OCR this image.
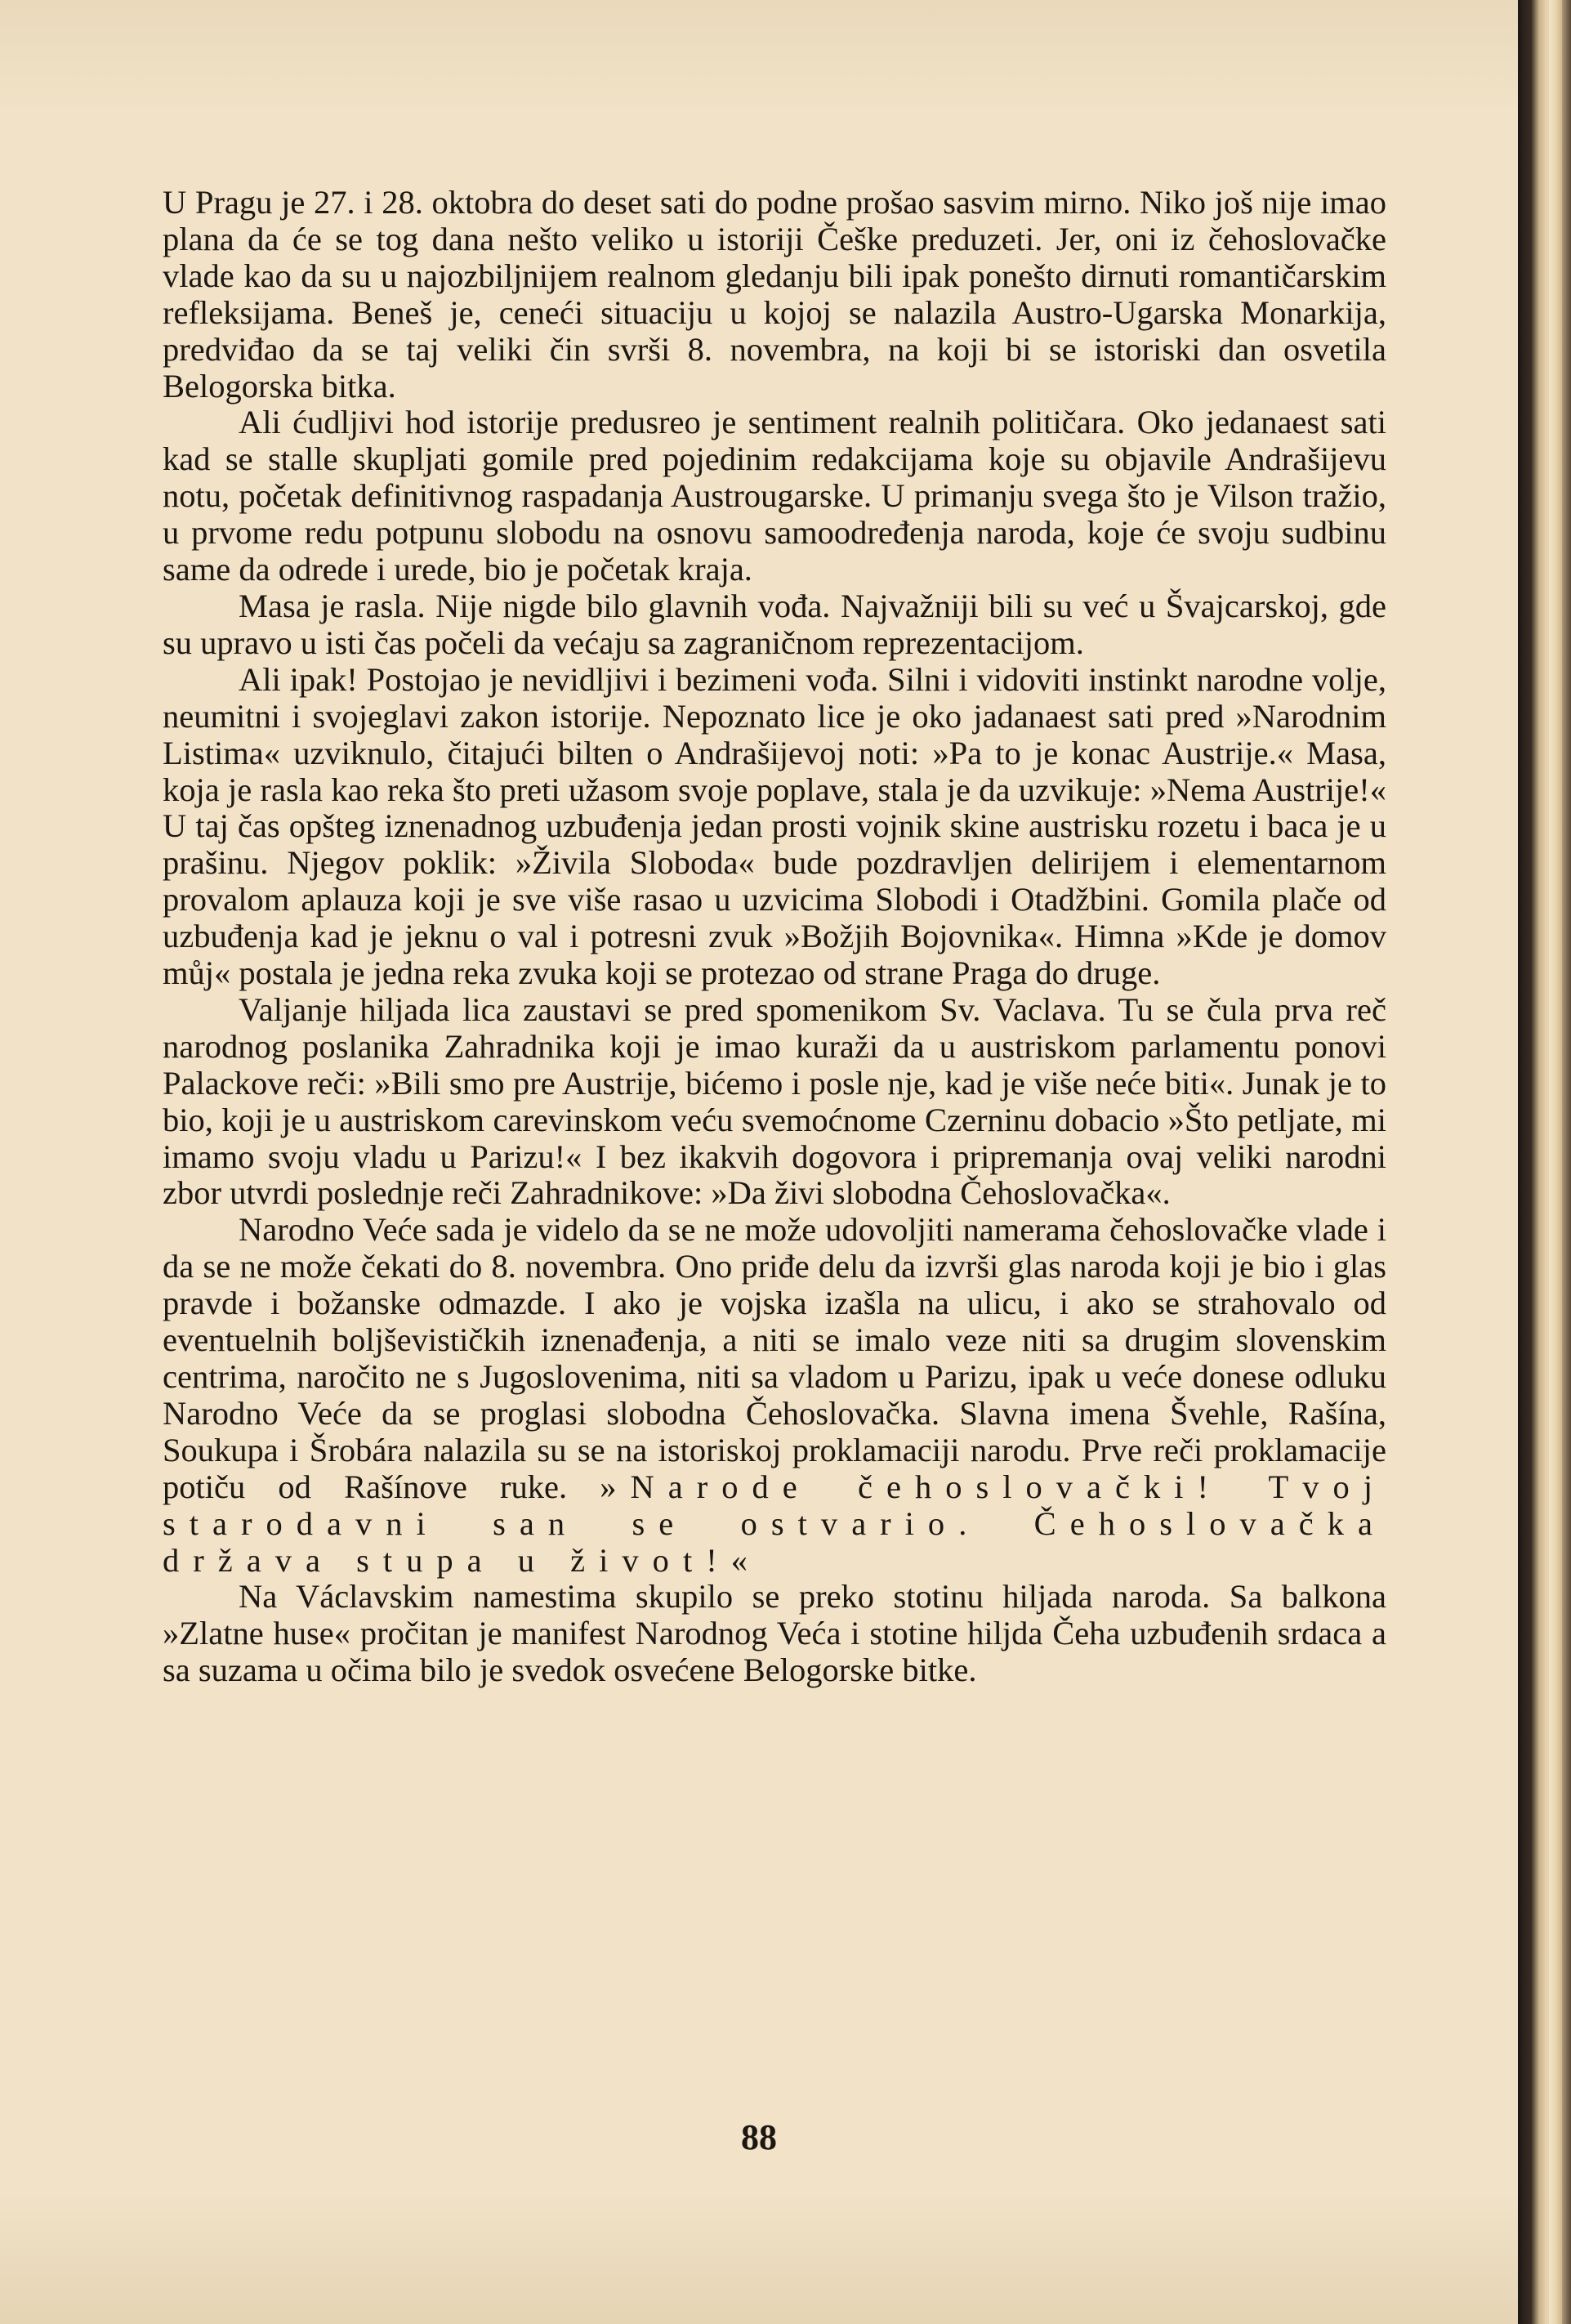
U Pragu je 27. i 28. oktobra do deset sati do podne prošao sasvim mirno. Niko još nije imao plana da će se tog dana nešto veliko u istoriji Češke preduzeti. Jer, oni iz čehoslovačke vlade kao da su u najozbiljnijem realnom gledanju bili ipak ponešto dirnuti romantičarskim refleksijama. Beneš je, ceneći situaciju u kojoj se nalazila Austro-Ugarska Monarkija, predviđao da se taj veliki čin svrši 8. novembra, na koji bi se istoriski dan osvetila Belogorska bitka.

Ali ćudljivi hod istorije predusreo je sentiment realnih političara. Oko jedanaest sati kad se stalle skupljati gomile pred pojedinim redakcijama koje su objavile Andrašijevu notu, početak definitivnog raspadanja Austrougarske. U primanju svega što je Vilson tražio, u prvome redu potpunu slobodu na osnovu samoodređenja naroda, koje će svoju sudbinu same da odrede i urede, bio je početak kraja.

Masa je rasla. Nije nigde bilo glavnih vođa. Najvažniji bili su već u Švajcarskoj, gde su upravo u isti čas počeli da većaju sa zagraničnom reprezentacijom.

Ali ipak! Postojao je nevidljivi i bezimeni vođa. Silni i vidoviti instinkt narodne volje, neumitni i svojeglavi zakon istorije. Nepoznato lice je oko jadanaest sati pred »Narodnim Listima« uzviknulo, čitajući bilten o Andrašijevoj noti: »Pa to je konac Austrije.« Masa, koja je rasla kao reka što preti užasom svoje poplave, stala je da uzvikuje: »Nema Austrije!« U taj čas opšteg iznenadnog uzbuđenja jedan prosti vojnik skine austrisku rozetu i baca je u prašinu. Njegov poklik: »Živila Sloboda« bude pozdravljen delirijem i elementarnom provalom aplauza koji je sve više rasao u uzvicima Slobodi i Otadžbini. Gomila plače od uzbuđenja kad je jeknu o val i potresni zvuk »Božjih Bojovnika«. Himna »Kde je domov můj« postala je jedna reka zvuka koji se protezao od strane Praga do druge.

Valjanje hiljada lica zaustavi se pred spomenikom Sv. Vaclava. Tu se čula prva reč narodnog poslanika Zahradnika koji je imao kuraži da u austriskom parlamentu ponovi Palackove reči: »Bili smo pre Austrije, bićemo i posle nje, kad je više neće biti«. Junak je to bio, koji je u austriskom carevinskom veću svemoćnome Czerninu dobacio »Što petljate, mi imamo svoju vladu u Parizu!« I bez ikakvih dogovora i pripremanja ovaj veliki narodni zbor utvrdi poslednje reči Zahradnikove: »Da živi slobodna Čehoslovačka«.

Narodno Veće sada je videlo da se ne može udovoljiti namerama čehoslovačke vlade i da se ne može čekati do 8. novembra. Ono priđe delu da izvrši glas naroda koji je bio i glas pravde i božanske odmazde. I ako je vojska izašla na ulicu, i ako se strahovalo od eventuelnih boljševističkih iznenađenja, a niti se imalo veze niti sa drugim slovenskim centrima, naročito ne s Jugoslovenima, niti sa vladom u Parizu, ipak u veće donese odluku Narodno Veće da se proglasi slobodna Čehoslovačka. Slavna imena Švehle, Rašína, Soukupa i Šrobára nalazila su se na istoriskoj proklamaciji narodu. Prve reči proklamacije potiču od Rašínove ruke. »Narode čehoslovački! Tvoj starodavni san se ostvario. Čehoslovačka država stupa u život!«

Na Václavskim namestima skupilo se preko stotinu hiljada naroda. Sa balkona »Zlatne huse« pročitan je manifest Narodnog Veća i stotine hiljda Čeha uzbuđenih srdaca a sa suzama u očima bilo je svedok osvećene Belogorske bitke.

88
